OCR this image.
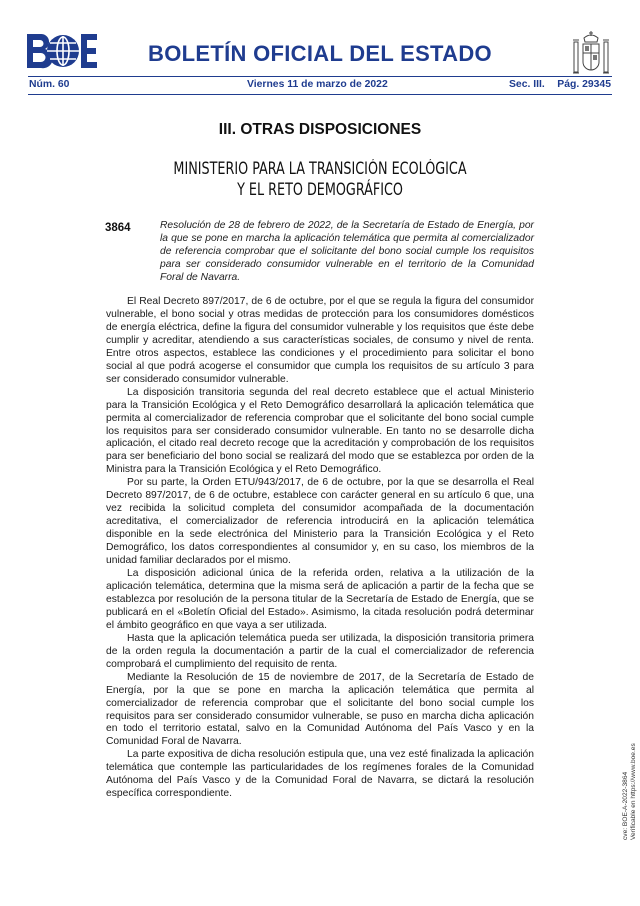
BOLETÍN OFICIAL DEL ESTADO
Núm. 60	Viernes 11 de marzo de 2022	Sec. III. Pág. 29345
III. OTRAS DISPOSICIONES
MINISTERIO PARA LA TRANSICIÓN ECOLÓGICA
Y EL RETO DEMOGRÁFICO
3864	Resolución de 28 de febrero de 2022, de la Secretaría de Estado de Energía, por la que se pone en marcha la aplicación telemática que permita al comercializador de referencia comprobar que el solicitante del bono social cumple los requisitos para ser considerado consumidor vulnerable en el territorio de la Comunidad Foral de Navarra.

El Real Decreto 897/2017, de 6 de octubre, por el que se regula la figura del consumidor vulnerable, el bono social y otras medidas de protección para los consumidores domésticos de energía eléctrica, define la figura del consumidor vulnerable y los requisitos que éste debe cumplir y acreditar, atendiendo a sus características sociales, de consumo y nivel de renta. Entre otros aspectos, establece las condiciones y el procedimiento para solicitar el bono social al que podrá acogerse el consumidor que cumpla los requisitos de su artículo 3 para ser considerado consumidor vulnerable.

La disposición transitoria segunda del real decreto establece que el actual Ministerio para la Transición Ecológica y el Reto Demográfico desarrollará la aplicación telemática que permita al comercializador de referencia comprobar que el solicitante del bono social cumple los requisitos para ser considerado consumidor vulnerable. En tanto no se desarrolle dicha aplicación, el citado real decreto recoge que la acreditación y comprobación de los requisitos para ser beneficiario del bono social se realizará del modo que se establezca por orden de la Ministra para la Transición Ecológica y el Reto Demográfico.

Por su parte, la Orden ETU/943/2017, de 6 de octubre, por la que se desarrolla el Real Decreto 897/2017, de 6 de octubre, establece con carácter general en su artículo 6 que, una vez recibida la solicitud completa del consumidor acompañada de la documentación acreditativa, el comercializador de referencia introducirá en la aplicación telemática disponible en la sede electrónica del Ministerio para la Transición Ecológica y el Reto Demográfico, los datos correspondientes al consumidor y, en su caso, los miembros de la unidad familiar declarados por el mismo.

La disposición adicional única de la referida orden, relativa a la utilización de la aplicación telemática, determina que la misma será de aplicación a partir de la fecha que se establezca por resolución de la persona titular de la Secretaría de Estado de Energía, que se publicará en el «Boletín Oficial del Estado». Asimismo, la citada resolución podrá determinar el ámbito geográfico en que vaya a ser utilizada.

Hasta que la aplicación telemática pueda ser utilizada, la disposición transitoria primera de la orden regula la documentación a partir de la cual el comercializador de referencia comprobará el cumplimiento del requisito de renta.

Mediante la Resolución de 15 de noviembre de 2017, de la Secretaría de Estado de Energía, por la que se pone en marcha la aplicación telemática que permita al comercializador de referencia comprobar que el solicitante del bono social cumple los requisitos para ser considerado consumidor vulnerable, se puso en marcha dicha aplicación en todo el territorio estatal, salvo en la Comunidad Autónoma del País Vasco y en la Comunidad Foral de Navarra.

La parte expositiva de dicha resolución estipula que, una vez esté finalizada la aplicación telemática que contemple las particularidades de los regímenes forales de la Comunidad Autónoma del País Vasco y de la Comunidad Foral de Navarra, se dictará la resolución específica correspondiente.	cve: BOE-A-2022-3864 Verificable en https://www.boe.es
